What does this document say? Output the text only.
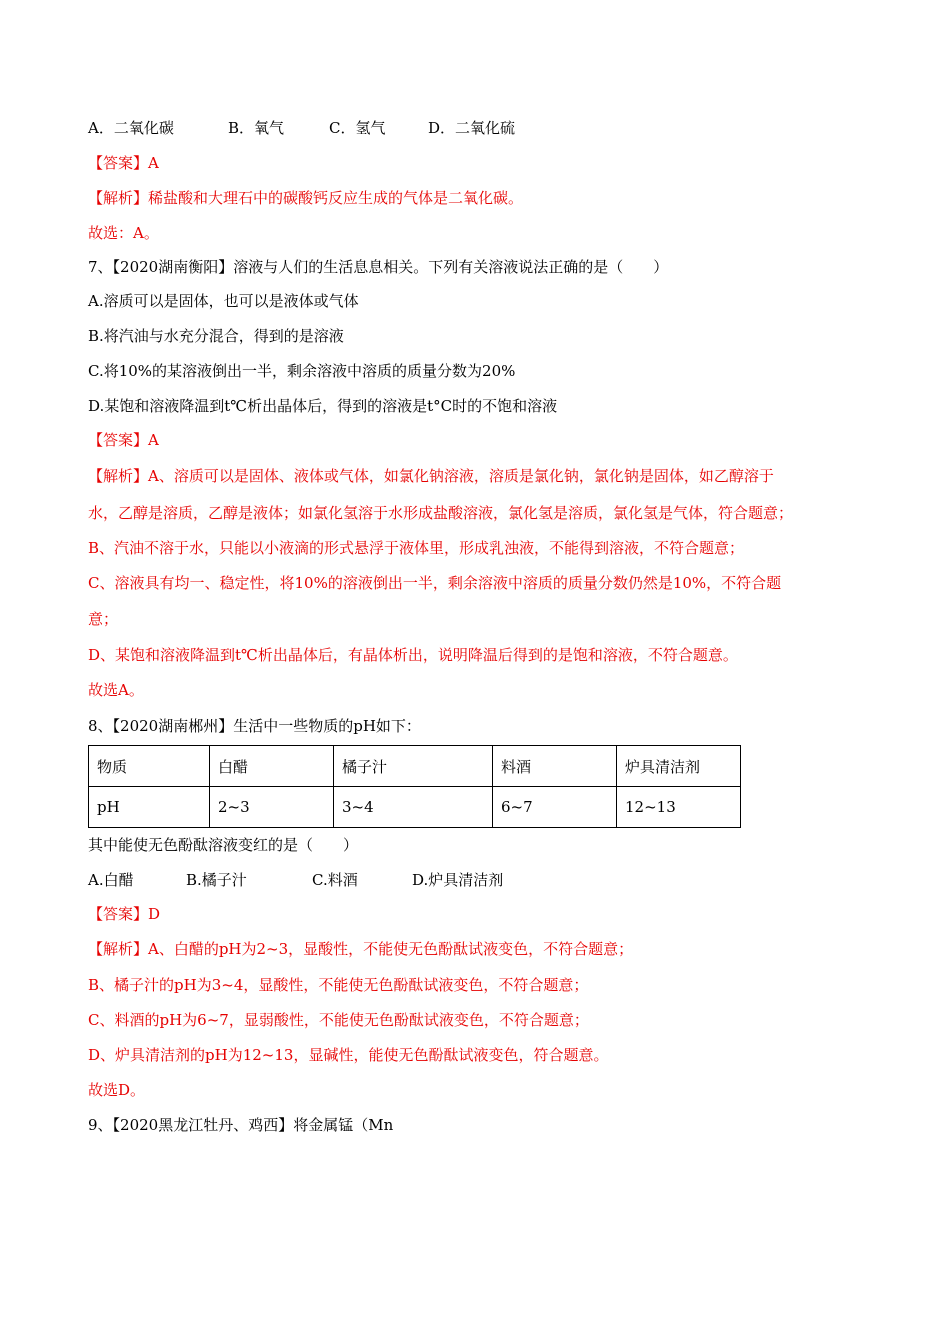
A．二氧化碳	B．氧气	C．氢气	D．二氧化硫
【答案】A
【解析】稀盐酸和大理石中的碳酸钙反应生成的气体是二氧化碳。
故选：A。
7、【2020湖南衡阳】溶液与人们的生活息息相关。下列有关溶液说法正确的是（　　）
A.溶质可以是固体，也可以是液体或气体
B.将汽油与水充分混合，得到的是溶液
C.将10%的某溶液倒出一半，剩余溶液中溶质的质量分数为20%
D.某饱和溶液降温到t℃析出晶体后，得到的溶液是t°C时的不饱和溶液
【答案】A
【解析】A、溶质可以是固体、液体或气体，如氯化钠溶液，溶质是氯化钠，氯化钠是固体，如乙醇溶于
水，乙醇是溶质，乙醇是液体；如氯化氢溶于水形成盐酸溶液，氯化氢是溶质，氯化氢是气体，符合题意；
B、汽油不溶于水，只能以小液滴的形式悬浮于液体里，形成乳浊液，不能得到溶液，不符合题意；
C、溶液具有均一、稳定性，将10%的溶液倒出一半，剩余溶液中溶质的质量分数仍然是10%，不符合题
意；
D、某饱和溶液降温到t℃析出晶体后，有晶体析出，说明降温后得到的是饱和溶液，不符合题意。
故选A。
8、【2020湖南郴州】生活中一些物质的pH如下：
物质	白醋	橘子汁	料酒	炉具清洁剂
pH	2~3	3~4	6~7	12~13
其中能使无色酚酞溶液变红的是（　　）
A.白醋	B.橘子汁	C.料酒	D.炉具清洁剂
【答案】D
【解析】A、白醋的pH为2~3，显酸性，不能使无色酚酞试液变色，不符合题意；
B、橘子汁的pH为3~4，显酸性，不能使无色酚酞试液变色，不符合题意；
C、料酒的pH为6~7，显弱酸性，不能使无色酚酞试液变色，不符合题意；
D、炉具清洁剂的pH为12~13，显碱性，能使无色酚酞试液变色，符合题意。
故选D。
9、【2020黑龙江牡丹、鸡西】将金属锰（Mn
